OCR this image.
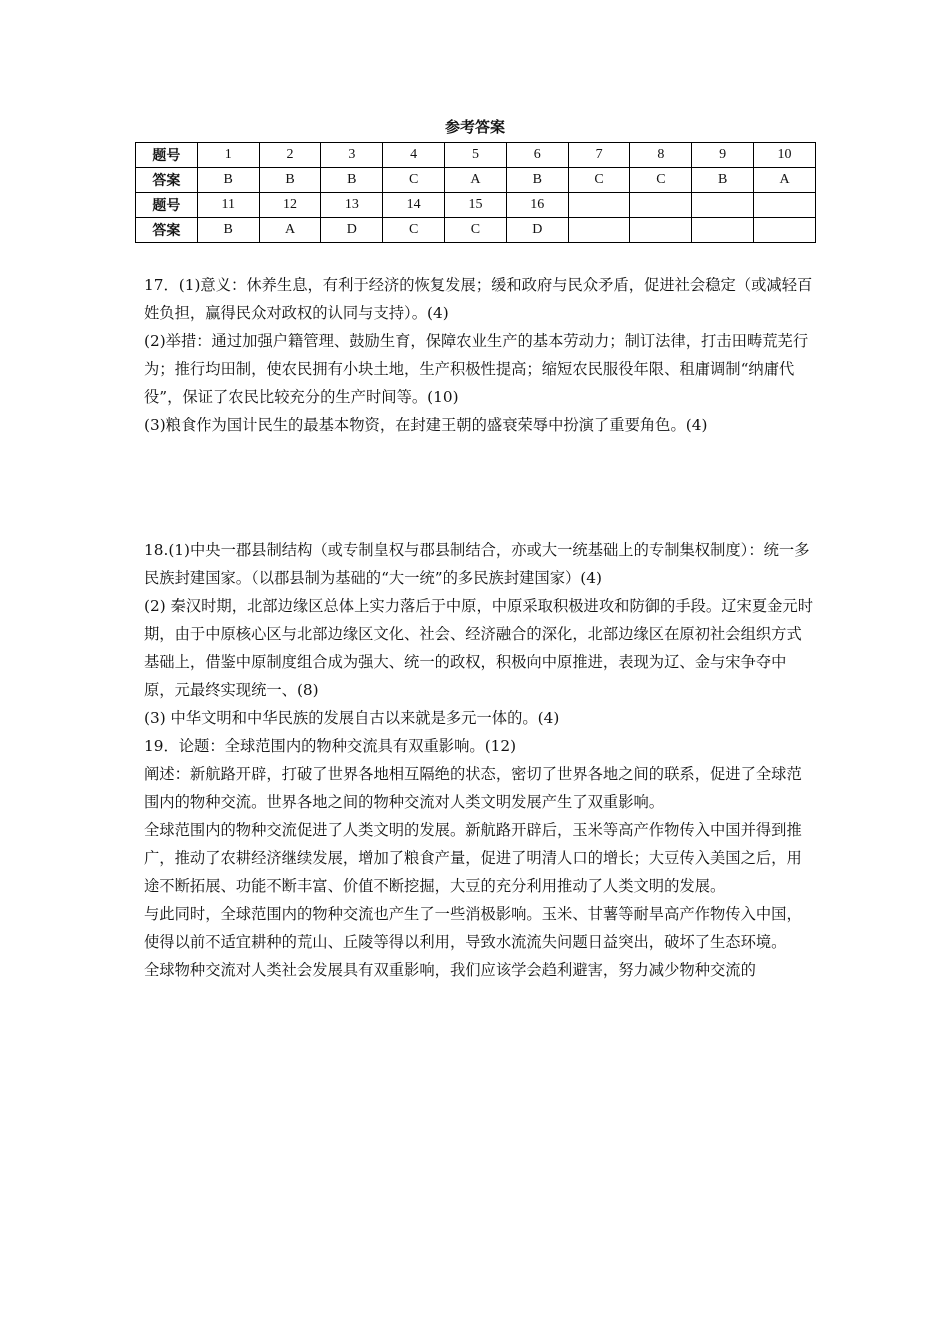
参考答案
题号	1	2	3	4	5	6	7	8	9	10
答案	B	B	B	C	A	B	C	C	B	A
题号	11	12	13	14	15	16				
答案	B	A	D	C	C	D				

17．(1)意义：休养生息，有利于经济的恢复发展；缓和政府与民众矛盾，促进社会稳定（或减轻百姓负担，赢得民众对政权的认同与支持）。(4)

(2)举措：通过加强户籍管理、鼓励生育，保障农业生产的基本劳动力；制订法律，打击田畴荒芜行为；推行均田制，使农民拥有小块土地，生产积极性提高；缩短农民服役年限、租庸调制“纳庸代役”，保证了农民比较充分的生产时间等。(10)

(3)粮食作为国计民生的最基本物资，在封建王朝的盛衰荣辱中扮演了重要角色。(4)

18.(1)中央一郡县制结构（或专制皇权与郡县制结合，亦或大一统基础上的专制集权制度）：统一多民族封建国家。（以郡县制为基础的“大一统”的多民族封建国家）(4)

(2) 秦汉时期，北部边缘区总体上实力落后于中原，中原采取积极进攻和防御的手段。辽宋夏金元时期，由于中原核心区与北部边缘区文化、社会、经济融合的深化，北部边缘区在原初社会组织方式基础上，借鉴中原制度组合成为强大、统一的政权，积极向中原推进，表现为辽、金与宋争夺中原，元最终实现统一、(8)

(3) 中华文明和中华民族的发展自古以来就是多元一体的。(4)

19．论题：全球范围内的物种交流具有双重影响。(12)

阐述：新航路开辟，打破了世界各地相互隔绝的状态，密切了世界各地之间的联系，促进了全球范围内的物种交流。世界各地之间的物种交流对人类文明发展产生了双重影响。

全球范围内的物种交流促进了人类文明的发展。新航路开辟后，玉米等高产作物传入中国并得到推广，推动了农耕经济继续发展，增加了粮食产量，促进了明清人口的增长；大豆传入美国之后，用途不断拓展、功能不断丰富、价值不断挖掘，大豆的充分利用推动了人类文明的发展。

与此同时，全球范围内的物种交流也产生了一些消极影响。玉米、甘薯等耐旱高产作物传入中国，使得以前不适宜耕种的荒山、丘陵等得以利用，导致水流流失问题日益突出，破坏了生态环境。

全球物种交流对人类社会发展具有双重影响，我们应该学会趋利避害，努力减少物种交流的
